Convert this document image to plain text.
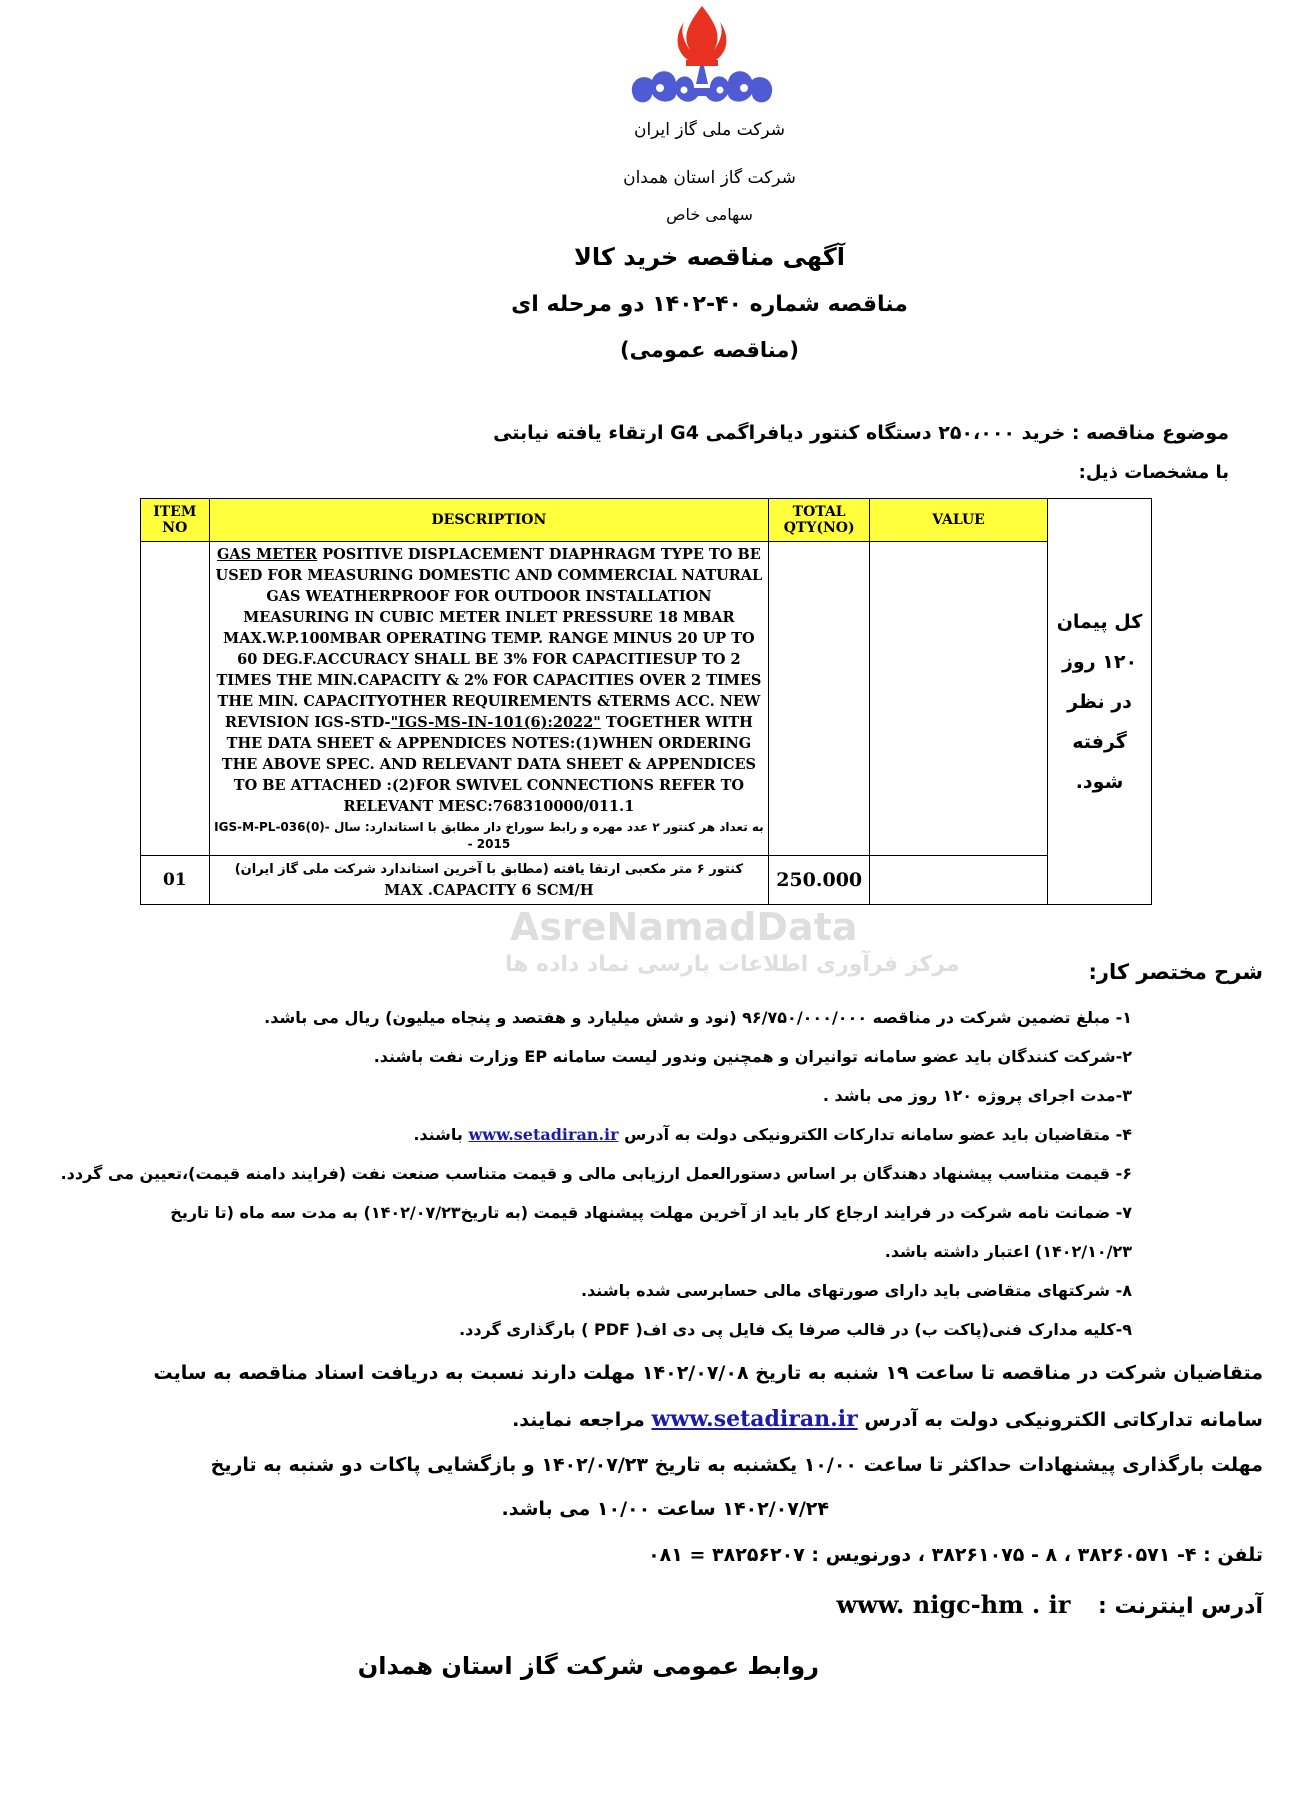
شرکت ملی گاز ایران
شرکت گاز استان همدان
سهامی خاص
آگهی مناقصه خرید کالا
مناقصه شماره ۴۰-۱۴۰۲ دو مرحله ای
(مناقصه عمومی)
موضوع مناقصه : خرید ۲۵۰،۰۰۰ دستگاه کنتور دیافراگمی G4 ارتقاء یافته نیابتی
با مشخصات ذیل:
AsreNamadData
مرکز فرآوری اطلاعات پارسی نماد داده ها
ITEM NO	DESCRIPTION	TOTAL QTY(NO)	VALUE	کل پیمان ۱۲۰ روز در نظر گرفته شود.
	GAS METER POSITIVE DISPLACEMENT DIAPHRAGM TYPE TO BE USED FOR MEASURING DOMESTIC AND COMMERCIAL NATURAL GAS WEATHERPROOF FOR OUTDOOR INSTALLATION MEASURING IN CUBIC METER INLET PRESSURE 18 MBAR MAX.W.P.100MBAR OPERATING TEMP. RANGE MINUS 20 UP TO 60 DEG.F.ACCURACY SHALL BE 3% FOR CAPACITIESUP TO 2 TIMES THE MIN.CAPACITY & 2% FOR CAPACITIES OVER 2 TIMES THE MIN. CAPACITYOTHER REQUIREMENTS &TERMS ACC. NEW REVISION IGS-STD-"IGS-MS-IN-101(6):2022" TOGETHER WITH THE DATA SHEET & APPENDICES NOTES:(1)WHEN ORDERING THE ABOVE SPEC. AND RELEVANT DATA SHEET & APPENDICES TO BE ATTACHED :(2)FOR SWIVEL CONNECTIONS REFER TO RELEVANT MESC:768310000/011.1
به تعداد هر کنتور ۲ عدد مهره و رابط سوراخ دار مطابق با استاندارد: سال IGS-M-PL-036(0)-- 2015			

01	کنتور ۶ متر مکعبی ارتقا یافته (مطابق با آخرین استاندارد شرکت ملی گاز ایران)
MAX .CAPACITY 6 SCM/H	250.000		
شرح مختصر کار:
۱- مبلغ تضمین شرکت در مناقصه ۹۶/۷۵۰/۰۰۰/۰۰۰ (نود و شش میلیارد و هفتصد و پنجاه میلیون) ریال می باشد.
۲-شرکت کنندگان باید عضو سامانه توانیران و همچنین وندور لیست سامانه EP وزارت نفت باشند.
۳-مدت اجرای پروژه ۱۲۰ روز می باشد .
۴- متقاضیان باید عضو سامانه تدارکات الکترونیکی دولت به آدرس www.setadiran.ir باشند.
۶- قیمت متناسب پیشنهاد دهندگان بر اساس دستورالعمل ارزیابی مالی و قیمت متناسب صنعت نفت (فرایند دامنه قیمت)،تعیین می گردد.
۷- ضمانت نامه شرکت در فرایند ارجاع کار باید از آخرین مهلت پیشنهاد قیمت (به تاریخ۱۴۰۲/۰۷/۲۳) به مدت سه ماه (تا تاریخ
۱۴۰۲/۱۰/۲۳) اعتبار داشته باشد.
۸- شرکتهای متقاضی باید دارای صورتهای مالی حسابرسی شده باشند.
۹-کلیه مدارک فنی(پاکت ب) در قالب صرفا یک فایل پی دی اف( PDF ) بارگذاری گردد.
متقاضیان شرکت در مناقصه تا ساعت ۱۹ شنبه به تاریخ ۱۴۰۲/۰۷/۰۸ مهلت دارند نسبت به دریافت اسناد مناقصه به سایت
سامانه تدارکاتی الکترونیکی دولت به آدرس www.setadiran.ir مراجعه نمایند.
مهلت بارگذاری پیشنهادات حداکثر تا ساعت ۱۰/۰۰ یکشنبه به تاریخ ۱۴۰۲/۰۷/۲۳ و بازگشایی پاکات دو شنبه به تاریخ
۱۴۰۲/۰۷/۲۴ ساعت ۱۰/۰۰ می باشد.
تلفن : ۴- ۳۸۲۶۰۵۷۱ ، ۸ - ۳۸۲۶۱۰۷۵ ، دورنویس : ۳۸۲۵۶۲۰۷ = ۰۸۱
آدرس اینترنت : www. nigc-hm . ir
روابط عمومی شرکت گاز استان همدان
